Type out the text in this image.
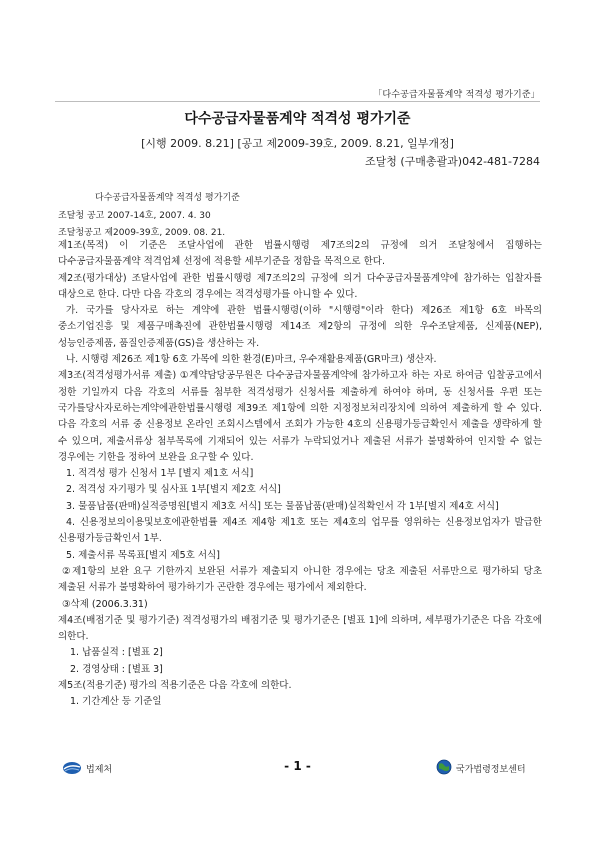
「다수공급자물품계약 적격성 평가기준」
다수공급자물품계약 적격성 평가기준
[시행 2009. 8.21] [공고 제2009-39호, 2009. 8.21, 일부개정]
조달청 (구매총괄과)042-481-7284
다수공급자물품계약 적격성 평가기준
조달청 공고 2007-14호, 2007. 4. 30
조달청공고 제2009-39호, 2009. 08. 21.

제1조(목적) 이 기준은 조달사업에 관한 법률시행령 제7조의2의 규정에 의거 조달청에서 집행하는 다수공급자물품계약 적격업체 선정에 적용할 세부기준을 정함을 목적으로 한다.

제2조(평가대상) 조달사업에 관한 법률시행령 제7조의2의 규정에 의거 다수공급자물품계약에 참가하는 입찰자를 대상으로 한다. 다만 다음 각호의 경우에는 적격성평가를 아니할 수 있다.

가. 국가를 당사자로 하는 계약에 관한 법률시행령(이하 "시행령"이라 한다) 제26조 제1항 6호 바목의 중소기업진흥 및 제품구매촉진에 관한법률시행령 제14조 제2항의 규정에 의한 우수조달제품, 신제품(NEP), 성능인증제품, 품질인증제품(GS)을 생산하는 자.

나. 시행령 제26조 제1항 6호 가목에 의한 환경(E)마크, 우수재활용제품(GR마크) 생산자.

제3조(적격성평가서류 제출) ①계약담당공무원은 다수공급자물품계약에 참가하고자 하는 자로 하여금 입찰공고에서 정한 기일까지 다음 각호의 서류를 첨부한 적격성평가 신청서를 제출하게 하여야 하며, 동 신청서를 우편 또는 국가를당사자로하는계약에관한법률시행령 제39조 제1항에 의한 지정정보처리장치에 의하여 제출하게 할 수 있다. 다음 각호의 서류 중 신용정보 온라인 조회시스템에서 조회가 가능한 4호의 신용평가등급확인서 제출을 생략하게 할 수 있으며, 제출서류상 첨부목록에 기재되어 있는 서류가 누락되었거나 제출된 서류가 불명확하여 인지할 수 없는 경우에는 기한을 정하여 보완을 요구할 수 있다.

1. 적격성 평가 신청서 1부 [별지 제1호 서식]

2. 적격성 자기평가 및 심사표 1부[별지 제2호 서식]

3. 물품납품(판매)실적증명원[별지 제3호 서식] 또는 물품납품(판매)실적확인서 각 1부[별지 제4호 서식]

4. 신용정보의이용및보호에관한법률 제4조 제4항 제1호 또는 제4호의 업무를 영위하는 신용정보업자가 발급한 신용평가등급확인서 1부.

5. 제출서류 목록표[별지 제5호 서식]

②제1항의 보완 요구 기한까지 보완된 서류가 제출되지 아니한 경우에는 당초 제출된 서류만으로 평가하되 당초 제출된 서류가 불명확하여 평가하기가 곤란한 경우에는 평가에서 제외한다.

③삭제 (2006.3.31)

제4조(배점기준 및 평가기준) 적격성평가의 배점기준 및 평가기준은 [별표 1]에 의하며, 세부평가기준은 다음 각호에 의한다.

1. 납품실적 : [별표 2]

2. 경영상태 : [별표 3]

제5조(적용기준) 평가의 적용기준은 다음 각호에 의한다.

1. 기간계산 등 기준일

법제처	- 1 -	국가법령정보센터
